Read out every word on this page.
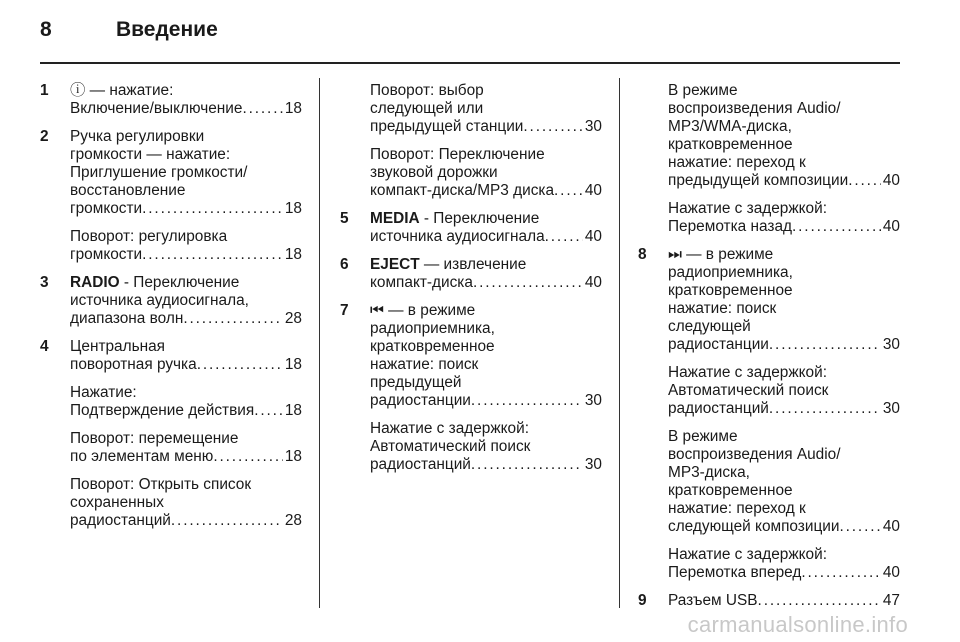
8	Введение
1 ⓘ — нажатие:
Включение/выключение . . .	18
2 Ручка регулировки
громкости — нажатие:
Приглушение громкости/
восстановление
громкости . . .	18
Поворот: регулировка
громкости . . .	18
3 RADIO - Переключение
источника аудиосигнала,
диапазона волн . . .	28
4 Центральная
поворотная ручка . . .	18
Нажатие:
Подтверждение действия . . . 18
Поворот: перемещение
по элементам меню . . .	18
Поворот: Открыть список
сохраненных
радиостанций . . .	28
Поворот: выбор
следующей или
предыдущей станции . . .	30
Поворот: Переключение
звуковой дорожки
компакт-диска/MP3 диска . . . 40
5 MEDIA - Переключение
источника аудиосигнала . . .	40
6 EJECT — извлечение
компакт-диска . . .	40
7 ⏮ — в режиме
радиоприемника,
кратковременное
нажатие: поиск
предыдущей
радиостанции . . .	30
Нажатие с задержкой:
Автоматический поиск
радиостанций . . .	30
В режиме
воспроизведения Audio/
MP3/WMA-диска,
кратковременное
нажатие: переход к
предыдущей композиции . . . 40
Нажатие с задержкой:
Перемотка назад . . .	40
8 ⏭ — в режиме
радиоприемника,
кратковременное
нажатие: поиск
следующей
радиостанции . . .	30
Нажатие с задержкой:
Автоматический поиск
радиостанций . . .	30
В режиме
воспроизведения Audio/
MP3-диска,
кратковременное
нажатие: переход к
следующей композиции . . .	40
Нажатие с задержкой:
Перемотка вперед . . .	40
9 Разъем USB . . .	47
carmanualsonline.info
